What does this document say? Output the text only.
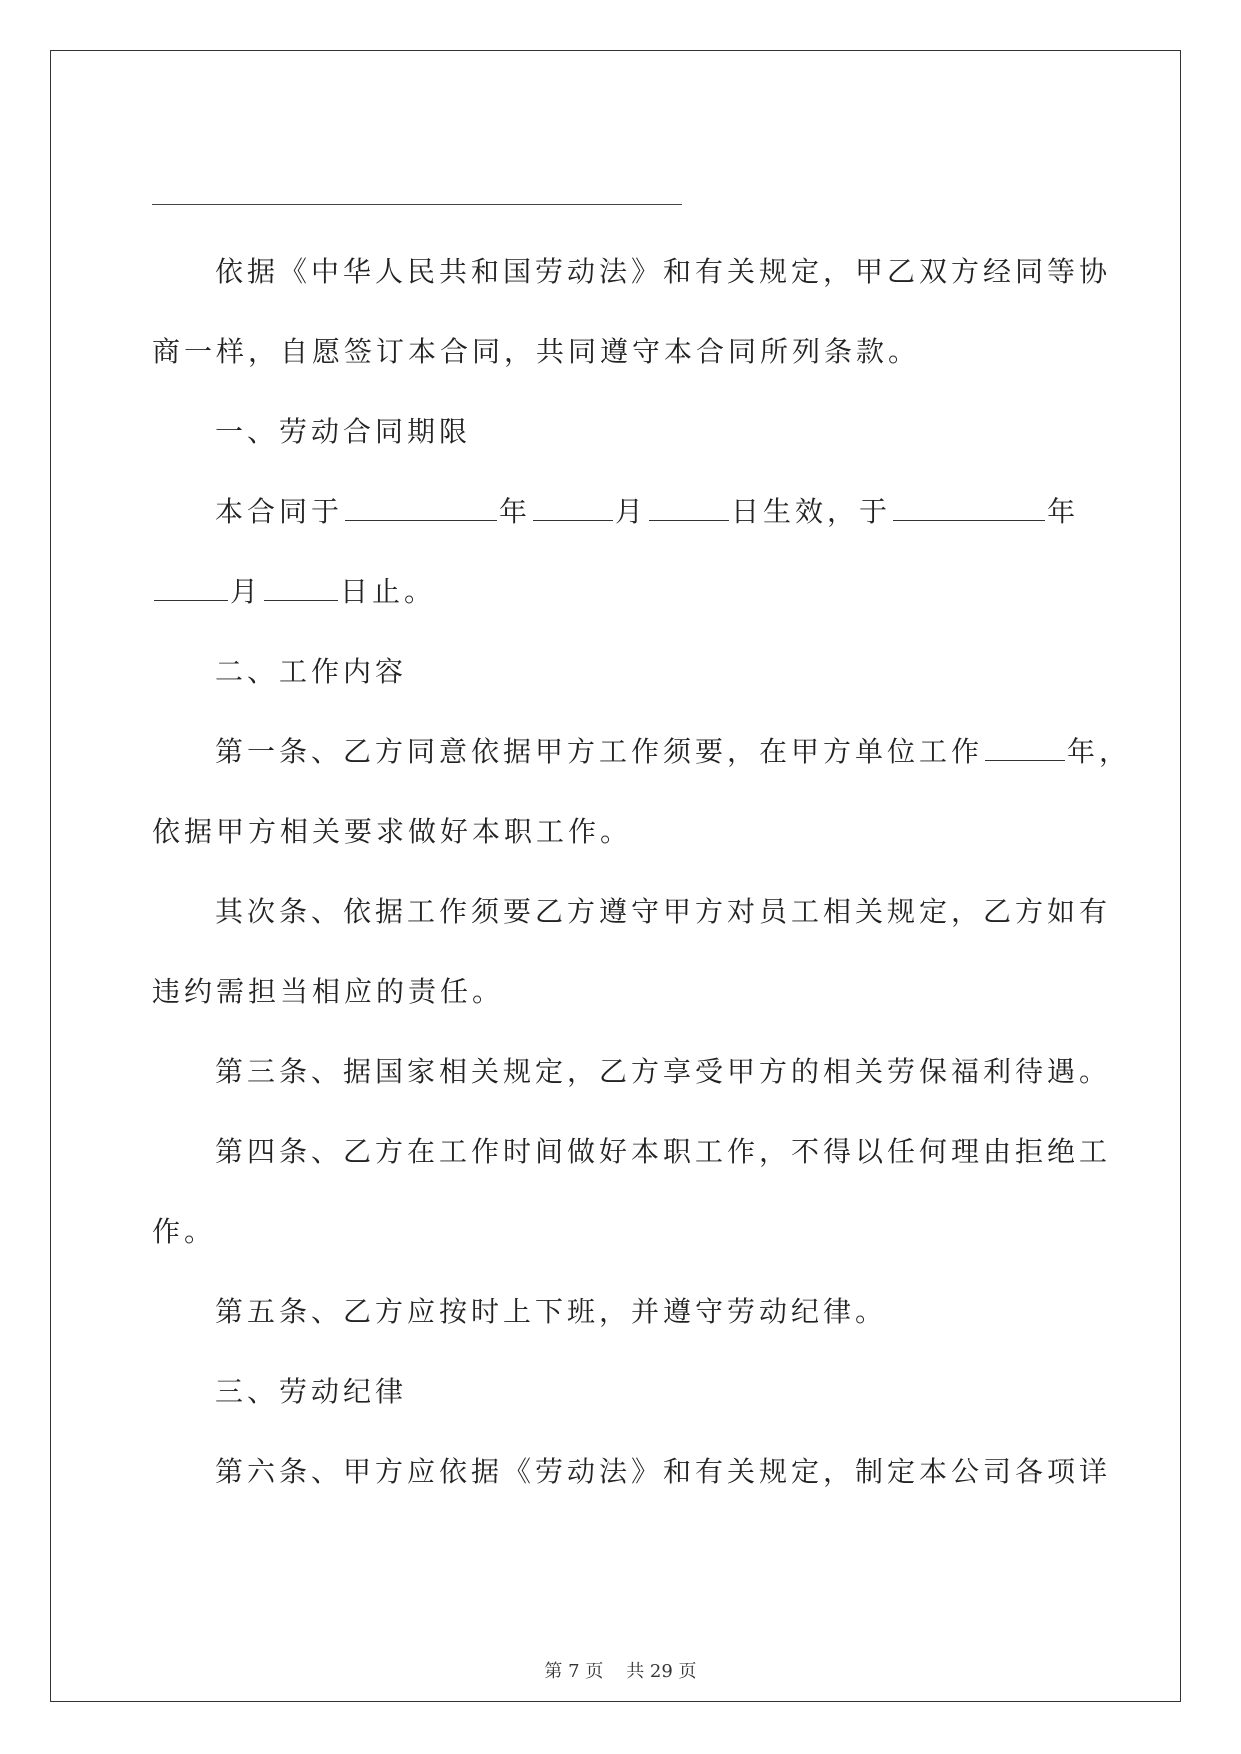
依据《中华人民共和国劳动法》和有关规定，甲乙双方经同等协

商一样，自愿签订本合同，共同遵守本合同所列条款。

一、劳动合同期限

本合同于	年	月	日生效，于	年

月	日止。

二、工作内容

第一条、乙方同意依据甲方工作须要，在甲方单位工作	年，

依据甲方相关要求做好本职工作。

其次条、依据工作须要乙方遵守甲方对员工相关规定，乙方如有

违约需担当相应的责任。

第三条、据国家相关规定，乙方享受甲方的相关劳保福利待遇。

第四条、乙方在工作时间做好本职工作，不得以任何理由拒绝工

作。

第五条、乙方应按时上下班，并遵守劳动纪律。

三、劳动纪律

第六条、甲方应依据《劳动法》和有关规定，制定本公司各项详

第 7 页    共 29 页
